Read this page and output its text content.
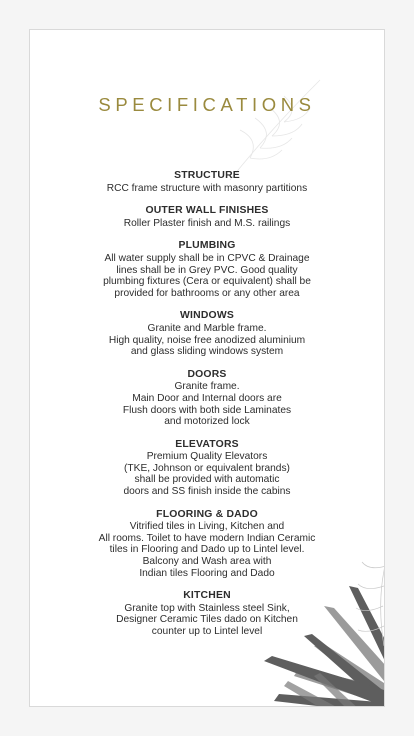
SPECIFICATIONS
STRUCTURE
RCC frame structure with masonry partitions
OUTER WALL FINISHES
Roller Plaster finish and M.S. railings
PLUMBING
All water supply shall be in CPVC & Drainage
lines shall be in Grey PVC. Good quality
plumbing fixtures (Cera or equivalent) shall be
provided for bathrooms or any other area
WINDOWS
Granite and Marble frame.
High quality, noise free anodized aluminium
and glass sliding windows system
DOORS
Granite frame.
Main Door and Internal doors are
Flush doors with both side Laminates
and motorized lock
ELEVATORS
Premium Quality Elevators
(TKE, Johnson or equivalent brands)
shall be provided with automatic
doors and SS finish inside the cabins
FLOORING & DADO
Vitrified tiles in Living, Kitchen and
All rooms. Toilet to have modern Indian Ceramic
tiles in Flooring and Dado up to Lintel level.
Balcony and Wash area with
Indian tiles Flooring and Dado
KITCHEN
Granite top with Stainless steel Sink,
Designer Ceramic Tiles dado on Kitchen
counter up to Lintel level
